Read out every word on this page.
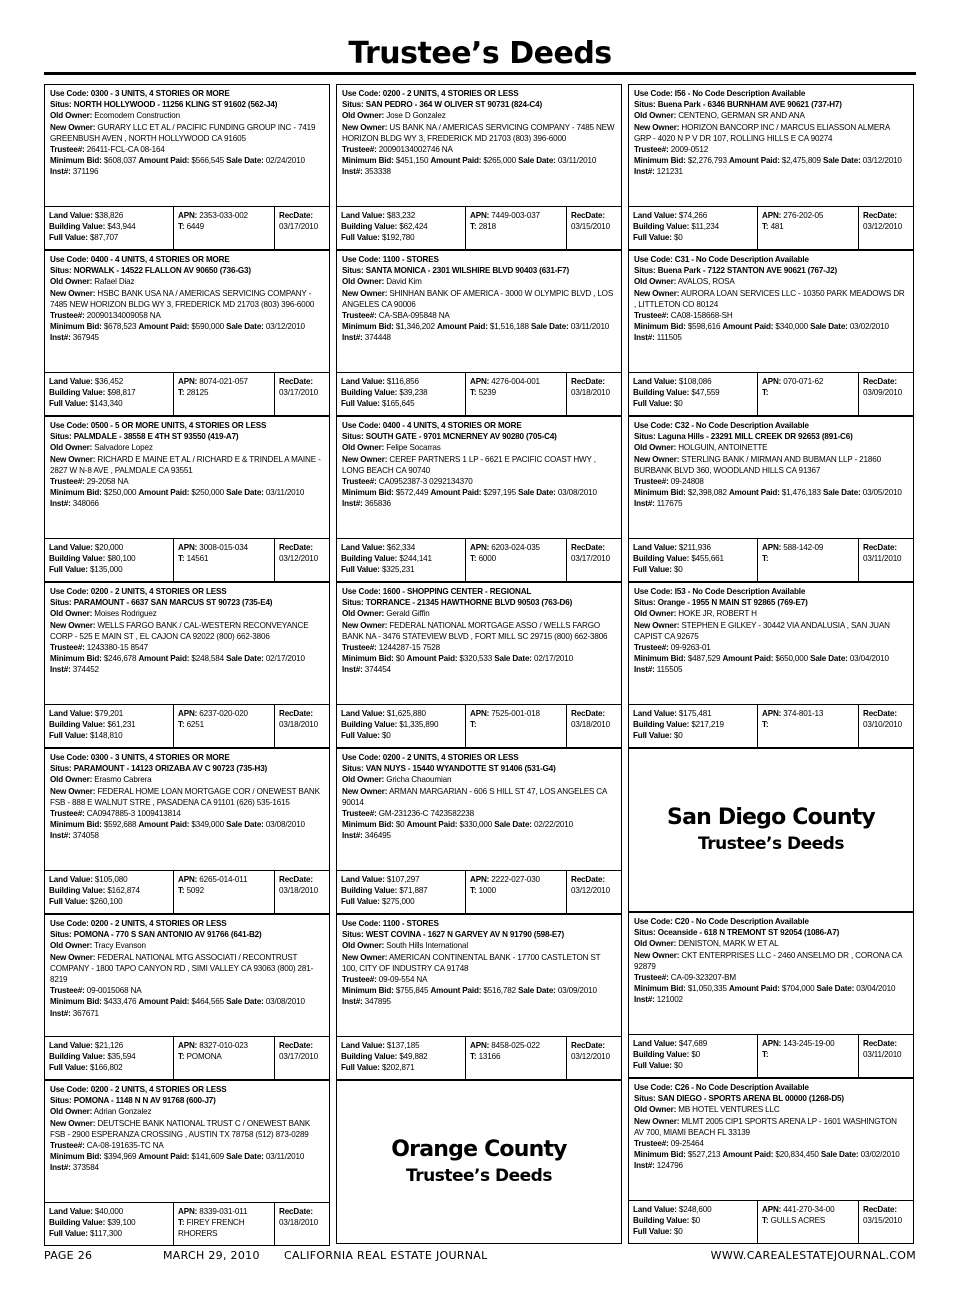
Trustee’s Deeds
Use Code: 0300 - 3 UNITS, 4 STORIES OR MORE
Situs: NORTH HOLLYWOOD - 11256 KLING ST 91602 (562-J4)
Old Owner: Ecomodern Construction
New Owner: GURARY LLC ET AL / PACIFIC FUNDING GROUP INC - 7419 GREENBUSH AVEN , NORTH HOLLYWOOD CA 91605
Trustee#: 26411-FCL-CA 08-164
Minimum Bid: $608,037 Amount Paid: $566,545 Sale Date: 02/24/2010
Inst#: 371196
Land Value: $38,826
Building Value: $43,944
Full Value: $87,707
APN: 2353-033-002
T: 6449
RecDate:
03/17/2010
Use Code: 0400 - 4 UNITS, 4 STORIES OR MORE
Situs: NORWALK - 14522 FLALLON AV 90650 (736-G3)
Old Owner: Rafael Diaz
New Owner: HSBC BANK USA NA / AMERICAS SERVICING COMPANY - 7485 NEW HORIZON BLDG WY 3, FREDERICK MD 21703 (803) 396-6000
Trustee#: 20090134009058 NA
Minimum Bid: $678,523 Amount Paid: $590,000 Sale Date: 03/12/2010
Inst#: 367945
Land Value: $36,452
Building Value: $98,817
Full Value: $143,340
APN: 8074-021-057
T: 28125
RecDate:
03/17/2010
Use Code: 0500 - 5 OR MORE UNITS, 4 STORIES OR LESS
Situs: PALMDALE - 38558 E 4TH ST 93550 (419-A7)
Old Owner: Salvadore Lopez
New Owner: RICHARD E MAINE ET AL / RICHARD E & TRINDEL A MAINE - 2827 W N-8 AVE , PALMDALE CA 93551
Trustee#: 29-2058 NA
Minimum Bid: $250,000 Amount Paid: $250,000 Sale Date: 03/11/2010
Inst#: 348066
Land Value: $20,000
Building Value: $80,100
Full Value: $135,000
APN: 3008-015-034
T: 14561
RecDate:
03/12/2010
Use Code: 0200 - 2 UNITS, 4 STORIES OR LESS
Situs: PARAMOUNT - 6637 SAN MARCUS ST 90723 (735-E4)
Old Owner: Moises Rodriguez
New Owner: WELLS FARGO BANK / CAL-WESTERN RECONVEYANCE CORP - 525 E MAIN ST , EL CAJON CA 92022 (800) 662-3806
Trustee#: 1243380-15 8547
Minimum Bid: $246,678 Amount Paid: $248,584 Sale Date: 02/17/2010
Inst#: 374452
Land Value: $79,201
Building Value: $61,231
Full Value: $148,810
APN: 6237-020-020
T: 6251
RecDate:
03/18/2010
Use Code: 0300 - 3 UNITS, 4 STORIES OR MORE
Situs: PARAMOUNT - 14123 ORIZABA AV C 90723 (735-H3)
Old Owner: Erasmo Cabrera
New Owner: FEDERAL HOME LOAN MORTGAGE COR / ONEWEST BANK FSB - 888 E WALNUT STRE , PASADENA CA 91101 (626) 535-1615
Trustee#: CA0947885-3 1009413814
Minimum Bid: $592,688 Amount Paid: $349,000 Sale Date: 03/08/2010
Inst#: 374058
Land Value: $105,080
Building Value: $162,874
Full Value: $260,100
APN: 6265-014-011
T: 5092
RecDate:
03/18/2010
Use Code: 0200 - 2 UNITS, 4 STORIES OR LESS
Situs: POMONA - 770 S SAN ANTONIO AV 91766 (641-B2)
Old Owner: Tracy Evanson
New Owner: FEDERAL NATIONAL MTG ASSOCIATI / RECONTRUST COMPANY - 1800 TAPO CANYON RD , SIMI VALLEY CA 93063 (800) 281-8219
Trustee#: 09-0015068 NA
Minimum Bid: $433,476 Amount Paid: $464,565 Sale Date: 03/08/2010
Inst#: 367671
Land Value: $21,126
Building Value: $35,594
Full Value: $166,802
APN: 8327-010-023
T: POMONA
RecDate:
03/17/2010
Use Code: 0200 - 2 UNITS, 4 STORIES OR LESS
Situs: POMONA - 1148 N N AV 91768 (600-J7)
Old Owner: Adrian Gonzalez
New Owner: DEUTSCHE BANK NATIONAL TRUST C / ONEWEST BANK FSB - 2900 ESPERANZA CROSSING , AUSTIN TX 78758 (512) 873-0289
Trustee#: CA-08-191635-TC NA
Minimum Bid: $394,969 Amount Paid: $141,609 Sale Date: 03/11/2010
Inst#: 373584
Land Value: $40,000
Building Value: $39,100
Full Value: $117,300
APN: 8339-031-011
T: FIREY FRENCH RHORERS
RecDate:
03/18/2010
Use Code: 0200 - 2 UNITS, 4 STORIES OR LESS
Situs: SAN PEDRO - 364 W OLIVER ST 90731 (824-C4)
Old Owner: Jose D Gonzalez
New Owner: US BANK NA / AMERICAS SERVICING COMPANY - 7485 NEW HORIZON BLDG WY 3, FREDERICK MD 21703 (803) 396-6000
Trustee#: 20090134002746 NA
Minimum Bid: $451,150 Amount Paid: $265,000 Sale Date: 03/11/2010
Inst#: 353338
Land Value: $83,232
Building Value: $62,424
Full Value: $192,780
APN: 7449-003-037
T: 2818
RecDate:
03/15/2010
Use Code: 1100 - STORES
Situs: SANTA MONICA - 2301 WILSHIRE BLVD 90403 (631-F7)
Old Owner: David Kim
New Owner: SHINHAN BANK OF AMERICA - 3000 W OLYMPIC BLVD , LOS ANGELES CA 90006
Trustee#: CA-SBA-095848 NA
Minimum Bid: $1,346,202 Amount Paid: $1,516,188 Sale Date: 03/11/2010
Inst#: 374448
Land Value: $116,856
Building Value: $39,238
Full Value: $165,645
APN: 4276-004-001
T: 5239
RecDate:
03/18/2010
Use Code: 0400 - 4 UNITS, 4 STORIES OR MORE
Situs: SOUTH GATE - 9701 MCNERNEY AV 90280 (705-C4)
Old Owner: Felipe Socarras
New Owner: CEREF PARTNERS 1 LP - 6621 E PACIFIC COAST HWY , LONG BEACH CA 90740
Trustee#: CA0952387-3 0292134370
Minimum Bid: $572,449 Amount Paid: $297,195 Sale Date: 03/08/2010
Inst#: 365836
Land Value: $62,334
Building Value: $244,141
Full Value: $325,231
APN: 6203-024-035
T: 6000
RecDate:
03/17/2010
Use Code: 1600 - SHOPPING CENTER - REGIONAL
Situs: TORRANCE - 21345 HAWTHORNE BLVD 90503 (763-D6)
Old Owner: Gerald Giffin
New Owner: FEDERAL NATIONAL MORTGAGE ASSO / WELLS FARGO BANK NA - 3476 STATEVIEW BLVD , FORT MILL SC 29715 (800) 662-3806
Trustee#: 1244287-15 7528
Minimum Bid: $0 Amount Paid: $320,533 Sale Date: 02/17/2010
Inst#: 374454
Land Value: $1,625,880
Building Value: $1,335,890
Full Value: $0
APN: 7525-001-018
T:
RecDate:
03/18/2010
Use Code: 0200 - 2 UNITS, 4 STORIES OR LESS
Situs: VAN NUYS - 15440 WYANDOTTE ST 91406 (531-G4)
Old Owner: Gricha Chaoumian
New Owner: ARMAN MARGARIAN - 606 S HILL ST 47, LOS ANGELES CA 90014
Trustee#: GM-231236-C 7423582238
Minimum Bid: $0 Amount Paid: $330,000 Sale Date: 02/22/2010
Inst#: 346495
Land Value: $107,297
Building Value: $71,887
Full Value: $275,000
APN: 2222-027-030
T: 1000
RecDate:
03/12/2010
Use Code: 1100 - STORES
Situs: WEST COVINA - 1627 N GARVEY AV N 91790 (598-E7)
Old Owner: South Hills International
New Owner: AMERICAN CONTINENTAL BANK - 17700 CASTLETON ST 100, CITY OF INDUSTRY CA 91748
Trustee#: 09-09-554 NA
Minimum Bid: $755,845 Amount Paid: $516,782 Sale Date: 03/09/2010
Inst#: 347895
Land Value: $137,185
Building Value: $49,882
Full Value: $202,871
APN: 8458-025-022
T: 13166
RecDate:
03/12/2010
Orange County
Trustee’s Deeds
Use Code: I56 - No Code Description Available
Situs: Buena Park - 6346 BURNHAM AVE 90621 (737-H7)
Old Owner: CENTENO, GERMAN SR AND ANA
New Owner: HORIZON BANCORP INC / MARCUS ELIASSON ALMERA GRP - 4020 N P V DR 107, ROLLING HILLS E CA 90274
Trustee#: 2009-0512
Minimum Bid: $2,276,793 Amount Paid: $2,475,809 Sale Date: 03/12/2010
Inst#: 121231
Land Value: $74,266
Building Value: $11,234
Full Value: $0
APN: 276-202-05
T: 481
RecDate:
03/12/2010
Use Code: C31 - No Code Description Available
Situs: Buena Park - 7122 STANTON AVE 90621 (767-J2)
Old Owner: AVALOS, ROSA
New Owner: AURORA LOAN SERVICES LLC - 10350 PARK MEADOWS DR , LITTLETON CO 80124
Trustee#: CA08-158668-SH
Minimum Bid: $598,616 Amount Paid: $340,000 Sale Date: 03/02/2010
Inst#: 111505
Land Value: $108,086
Building Value: $47,559
Full Value: $0
APN: 070-071-62
T:
RecDate:
03/09/2010
Use Code: C32 - No Code Description Available
Situs: Laguna Hills - 23291 MILL CREEK DR 92653 (891-C6)
Old Owner: HOLGUIN, ANTOINETTE
New Owner: STERLING BANK / MIRMAN AND BUBMAN LLP - 21860 BURBANK BLVD 360, WOODLAND HILLS CA 91367
Trustee#: 09-24808
Minimum Bid: $2,398,082 Amount Paid: $1,476,183 Sale Date: 03/05/2010
Inst#: 117675
Land Value: $211,936
Building Value: $455,661
Full Value: $0
APN: 588-142-09
T:
RecDate:
03/11/2010
Use Code: I53 - No Code Description Available
Situs: Orange - 1955 N MAIN ST 92865 (769-E7)
Old Owner: HOKE JR, ROBERT H
New Owner: STEPHEN E GILKEY - 30442 VIA ANDALUSIA , SAN JUAN CAPIST CA 92675
Trustee#: 09-9263-01
Minimum Bid: $487,529 Amount Paid: $650,000 Sale Date: 03/04/2010
Inst#: 115505
Land Value: $175,481
Building Value: $217,219
Full Value: $0
APN: 374-801-13
T:
RecDate:
03/10/2010
San Diego County
Trustee’s Deeds
Use Code: C20 - No Code Description Available
Situs: Oceanside - 618 N TREMONT ST 92054 (1086-A7)
Old Owner: DENISTON, MARK W ET AL
New Owner: CKT ENTERPRISES LLC - 2460 ANSELMO DR , CORONA CA 92879
Trustee#: CA-09-323207-BM
Minimum Bid: $1,050,335 Amount Paid: $704,000 Sale Date: 03/04/2010
Inst#: 121002
Land Value: $47,689
Building Value: $0
Full Value: $0
APN: 143-245-19-00
T:
RecDate:
03/11/2010
Use Code: C26 - No Code Description Available
Situs: SAN DIEGO - SPORTS ARENA BL 00000 (1268-D5)
Old Owner: MB HOTEL VENTURES LLC
New Owner: MLMT 2005 CIP1 SPORTS ARENA LP - 1601 WASHINGTON AV 700, MIAMI BEACH FL 33139
Trustee#: 09-25464
Minimum Bid: $527,213 Amount Paid: $20,834,450 Sale Date: 03/02/2010
Inst#: 124796
Land Value: $248,600
Building Value: $0
Full Value: $0
APN: 441-270-34-00
T: GULLS ACRES
RecDate:
03/15/2010
PAGE 26	MARCH 29, 2010 CALIFORNIA REAL ESTATE JOURNAL	WWW.CAREALESTATEJOURNAL.COM
